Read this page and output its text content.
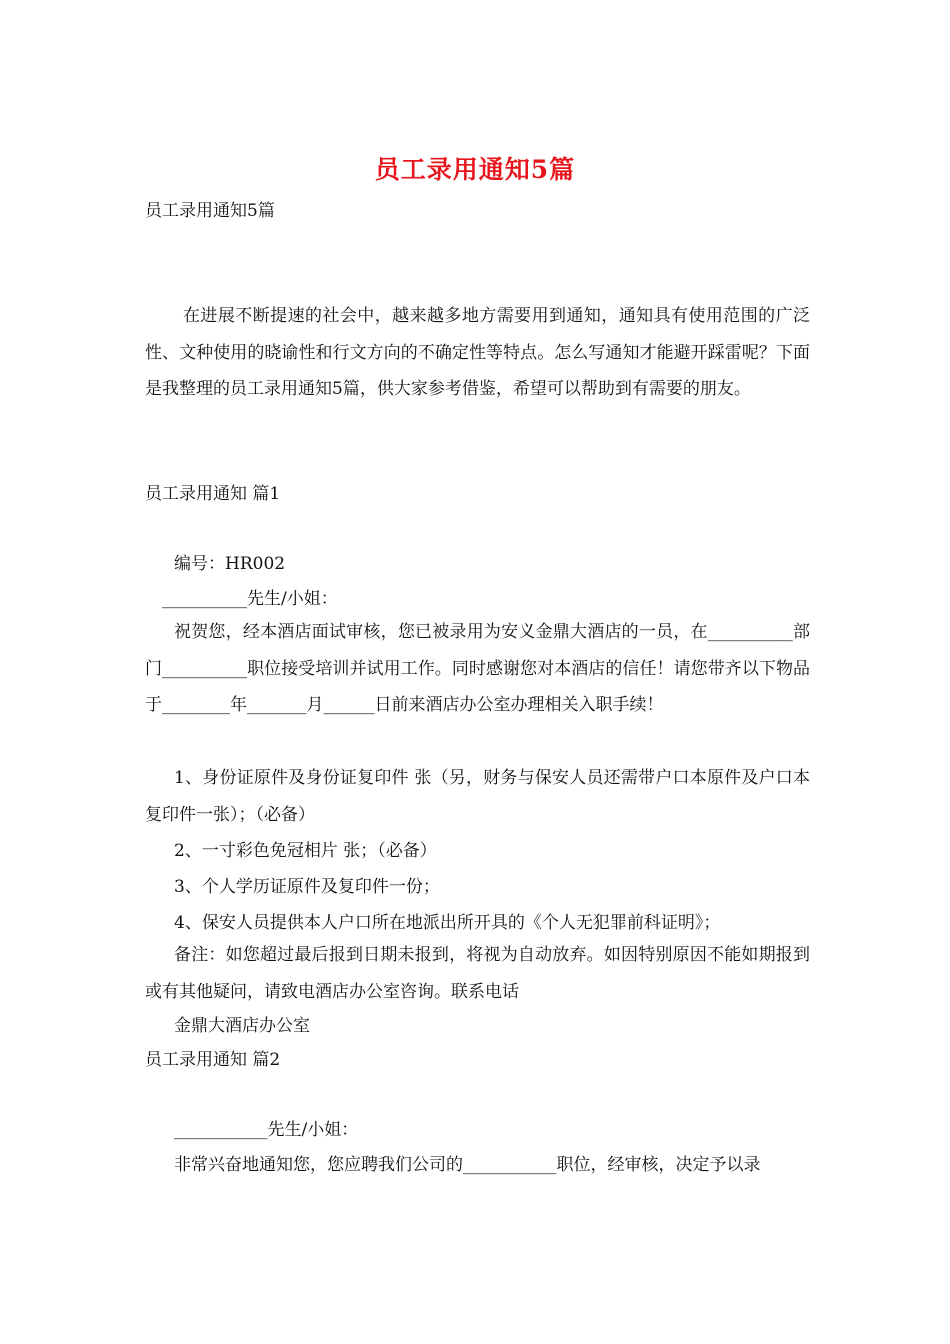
员工录用通知5篇
员工录用通知5篇
在进展不断提速的社会中，越来越多地方需要用到通知，通知具有使用范围的广泛性、文种使用的晓谕性和行文方向的不确定性等特点。怎么写通知才能避开踩雷呢？下面是我整理的员工录用通知5篇，供大家参考借鉴，希望可以帮助到有需要的朋友。
员工录用通知 篇1
编号：HR002
__________先生/小姐：
祝贺您，经本酒店面试审核，您已被录用为安义金鼎大酒店的一员，在__________部门__________职位接受培训并试用工作。同时感谢您对本酒店的信任！请您带齐以下物品于________年_______月______日前来酒店办公室办理相关入职手续！
1、身份证原件及身份证复印件 张（另，财务与保安人员还需带户口本原件及户口本复印件一张）；（必备）
2、一寸彩色免冠相片 张；（必备）
3、个人学历证原件及复印件一份；
4、保安人员提供本人户口所在地派出所开具的《个人无犯罪前科证明》；
备注：如您超过最后报到日期未报到，将视为自动放弃。如因特别原因不能如期报到或有其他疑问，请致电酒店办公室咨询。联系电话
金鼎大酒店办公室
员工录用通知 篇2
___________先生/小姐：
非常兴奋地通知您，您应聘我们公司的___________职位，经审核，决定予以录
